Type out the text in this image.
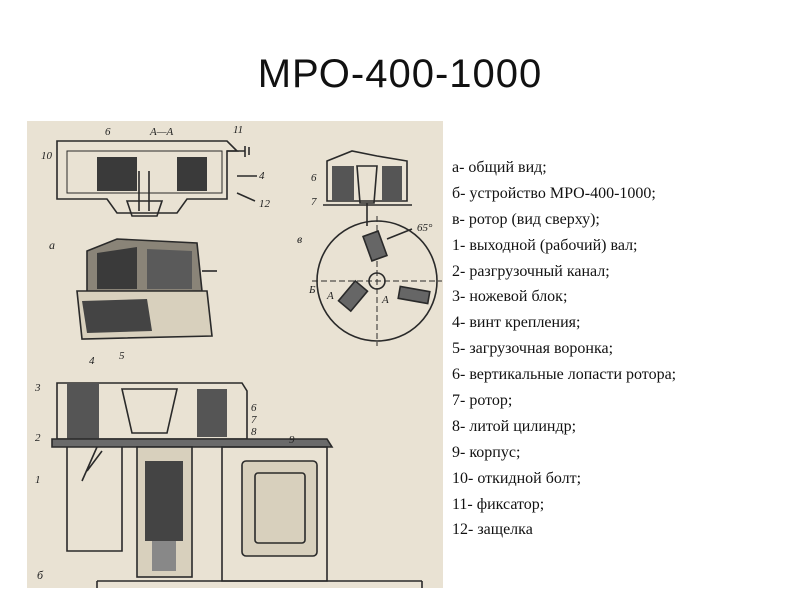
МРО-400-1000
6	А—А	11
10
4
12
а
6
7
в
65°
Б А	А
4 5
3
2
1
6
7
8
9
б
а- общий вид;
б- устройство МРО-400-1000;
в- ротор (вид сверху);
1- выходной (рабочий) вал;
2- разгрузочный канал;
3- ножевой блок;
4- винт крепления;
5- загрузочная воронка;
6- вертикальные лопасти ротора;
7- ротор;
8- литой цилиндр;
9- корпус;
10- откидной болт;
11- фиксатор;
12- защелка
